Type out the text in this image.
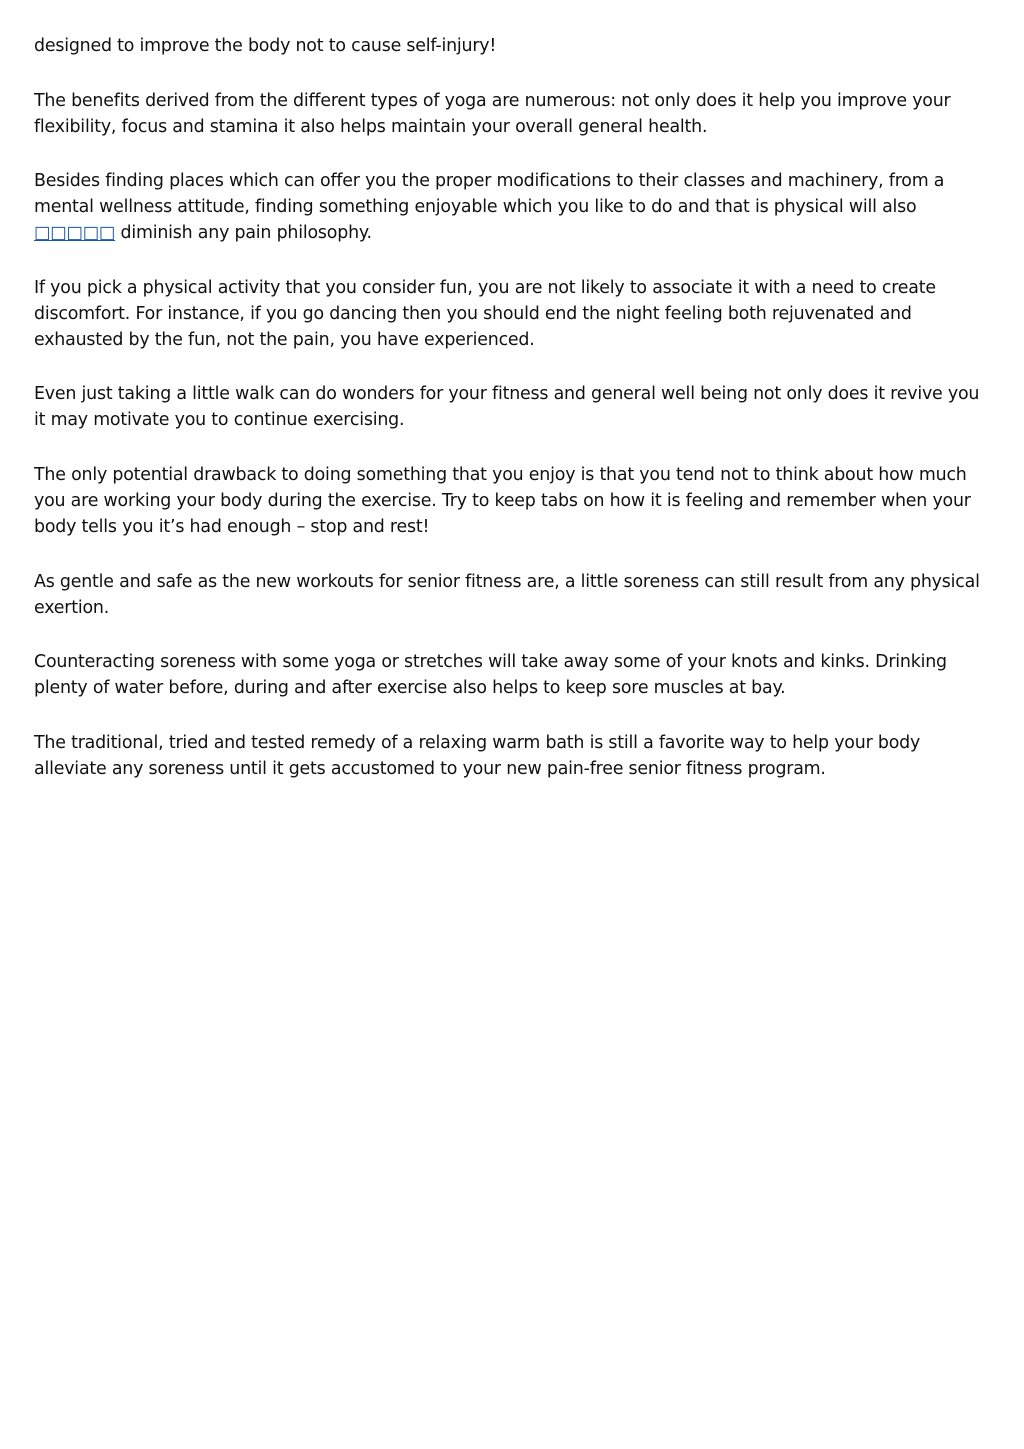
designed to improve the body not to cause self-injury!

The benefits derived from the different types of yoga are numerous: not only does it help you improve your flexibility, focus and stamina it also helps maintain your overall general health.

Besides finding places which can offer you the proper modifications to their classes and machinery, from a mental wellness attitude, finding something enjoyable which you like to do and that is physical will also □□□□□ diminish any pain philosophy.

If you pick a physical activity that you consider fun, you are not likely to associate it with a need to create discomfort. For instance, if you go dancing then you should end the night feeling both rejuvenated and exhausted by the fun, not the pain, you have experienced.

Even just taking a little walk can do wonders for your fitness and general well being not only does it revive you it may motivate you to continue exercising.

The only potential drawback to doing something that you enjoy is that you tend not to think about how much you are working your body during the exercise. Try to keep tabs on how it is feeling and remember when your body tells you it’s had enough – stop and rest!

As gentle and safe as the new workouts for senior fitness are, a little soreness can still result from any physical exertion.

Counteracting soreness with some yoga or stretches will take away some of your knots and kinks. Drinking plenty of water before, during and after exercise also helps to keep sore muscles at bay.

The traditional, tried and tested remedy of a relaxing warm bath is still a favorite way to help your body alleviate any soreness until it gets accustomed to your new pain-free senior fitness program.
